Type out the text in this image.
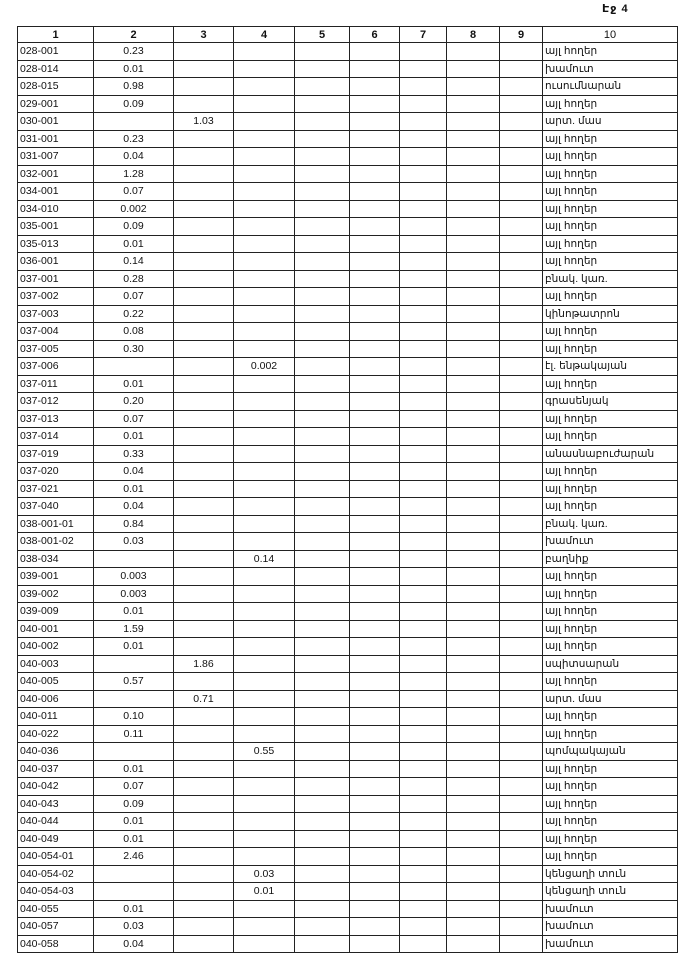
Էջ 4
1	2	3	4	5	6	7	8	9	10
028-001	0.23								այլ հողեր
028-014	0.01								խամուտ
028-015	0.98								ուսումնարան
029-001	0.09								այլ հողեր
030-001		1.03							արտ. մաս
031-001	0.23								այլ հողեր
031-007	0.04								այլ հողեր
032-001	1.28								այլ հողեր
034-001	0.07								այլ հողեր
034-010	0.002								այլ հողեր
035-001	0.09								այլ հողեր
035-013	0.01								այլ հողեր
036-001	0.14								այլ հողեր
037-001	0.28								բնակ. կառ.
037-002	0.07								այլ հողեր
037-003	0.22								կինոթատրոն
037-004	0.08								այլ հողեր
037-005	0.30								այլ հողեր
037-006			0.002						էլ. ենթակայան
037-011	0.01								այլ հողեր
037-012	0.20								գրասենյակ
037-013	0.07								այլ հողեր
037-014	0.01								այլ հողեր
037-019	0.33								անասնաբուժարան
037-020	0.04								այլ հողեր
037-021	0.01								այլ հողեր
037-040	0.04								այլ հողեր
038-001-01	0.84								բնակ. կառ.
038-001-02	0.03								խամուտ
038-034			0.14						բաղնիք
039-001	0.003								այլ հողեր
039-002	0.003								այլ հողեր
039-009	0.01								այլ հողեր
040-001	1.59								այլ հողեր
040-002	0.01								այլ հողեր
040-003		1.86							սպիտսարան
040-005	0.57								այլ հողեր
040-006		0.71							արտ. մաս
040-011	0.10								այլ հողեր
040-022	0.11								այլ հողեր
040-036			0.55						պոմպակայան
040-037	0.01								այլ հողեր
040-042	0.07								այլ հողեր
040-043	0.09								այլ հողեր
040-044	0.01								այլ հողեր
040-049	0.01								այլ հողեր
040-054-01	2.46								այլ հողեր
040-054-02			0.03						կենցաղի տուն
040-054-03			0.01						կենցաղի տուն
040-055	0.01								խամուտ
040-057	0.03								խամուտ
040-058	0.04								խամուտ
